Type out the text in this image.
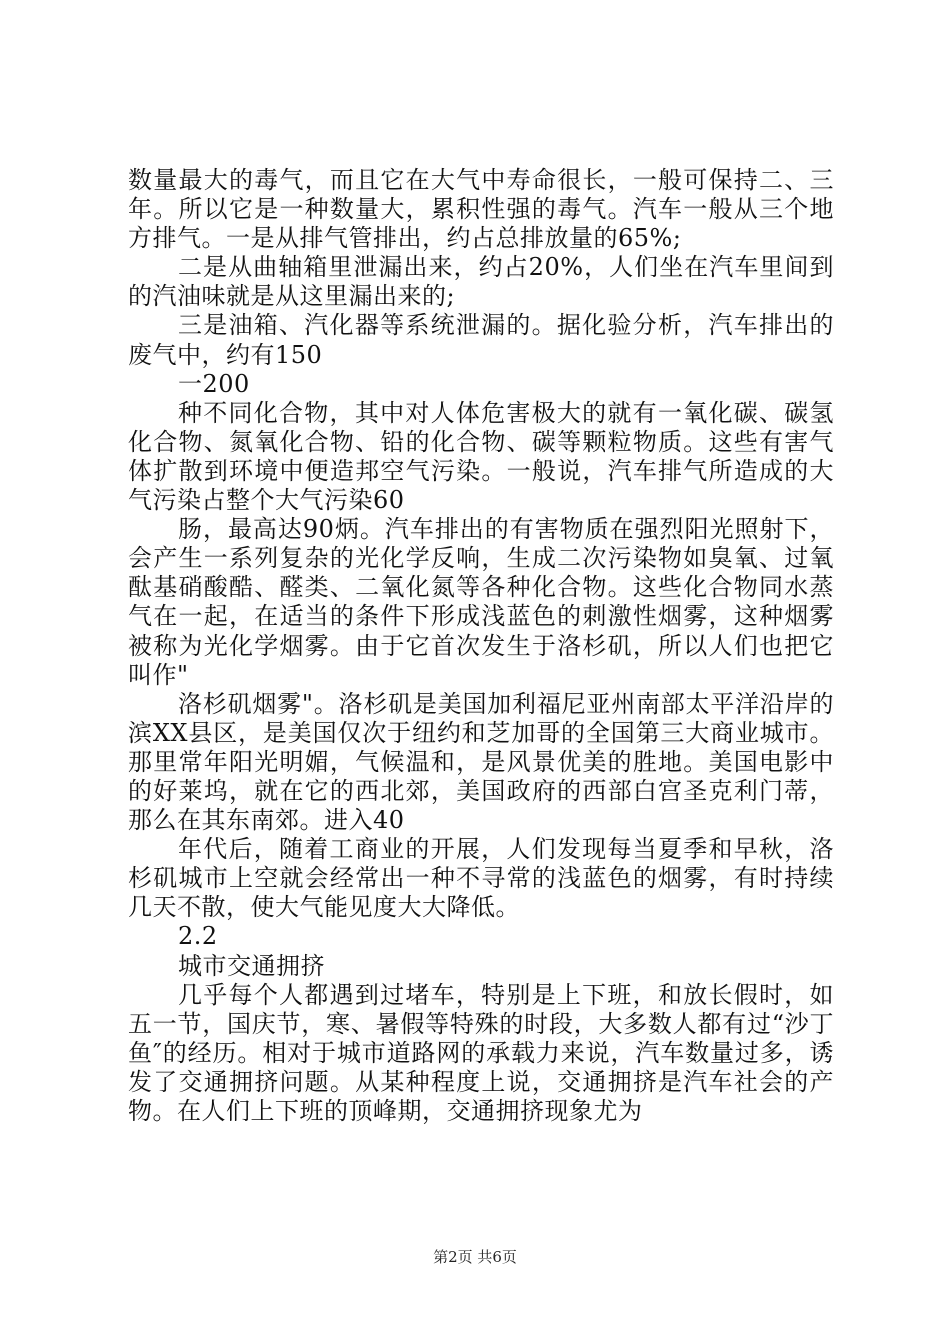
数量最大的毒气，而且它在大气中寿命很长，一般可保持二、三年。所以它是一种数量大，累积性强的毒气。汽车一般从三个地方排气。一是从排气管排出，约占总排放量的65%;

二是从曲轴箱里泄漏出来，约占20%，人们坐在汽车里间到的汽油味就是从这里漏出来的;

三是油箱、汽化器等系统泄漏的。据化验分析，汽车排出的废气中，约有150

一200

种不同化合物，其中对人体危害极大的就有一氧化碳、碳氢化合物、氮氧化合物、铅的化合物、碳等颗粒物质。这些有害气体扩散到环境中便造邦空气污染。一般说，汽车排气所造成的大气污染占整个大气污染60

肠，最高达90炳。汽车排出的有害物质在强烈阳光照射下，会产生一系列复杂的光化学反响，生成二次污染物如臭氧、过氧酞基硝酸酷、醛类、二氧化氮等各种化合物。这些化合物同水蒸气在一起，在适当的条件下形成浅蓝色的刺激性烟雾，这种烟雾被称为光化学烟雾。由于它首次发生于洛杉矶，所以人们也把它叫作"

洛杉矶烟雾"。洛杉矶是美国加利福尼亚州南部太平洋沿岸的滨XX县区，是美国仅次于纽约和芝加哥的全国第三大商业城市。那里常年阳光明媚，气候温和，是风景优美的胜地。美国电影中的好莱坞，就在它的西北郊，美国政府的西部白宫圣克利门蒂，那么在其东南郊。进入40

年代后，随着工商业的开展，人们发现每当夏季和早秋，洛杉矶城市上空就会经常出一种不寻常的浅蓝色的烟雾，有时持续几天不散，使大气能见度大大降低。

2.2

城市交通拥挤

几乎每个人都遇到过堵车，特别是上下班，和放长假时，如五一节，国庆节，寒、暑假等特殊的时段，大多数人都有过“沙丁鱼″的经历。相对于城市道路网的承载力来说，汽车数量过多，诱发了交通拥挤问题。从某种程度上说，交通拥挤是汽车社会的产物。在人们上下班的顶峰期，交通拥挤现象尤为

第2页 共6页
